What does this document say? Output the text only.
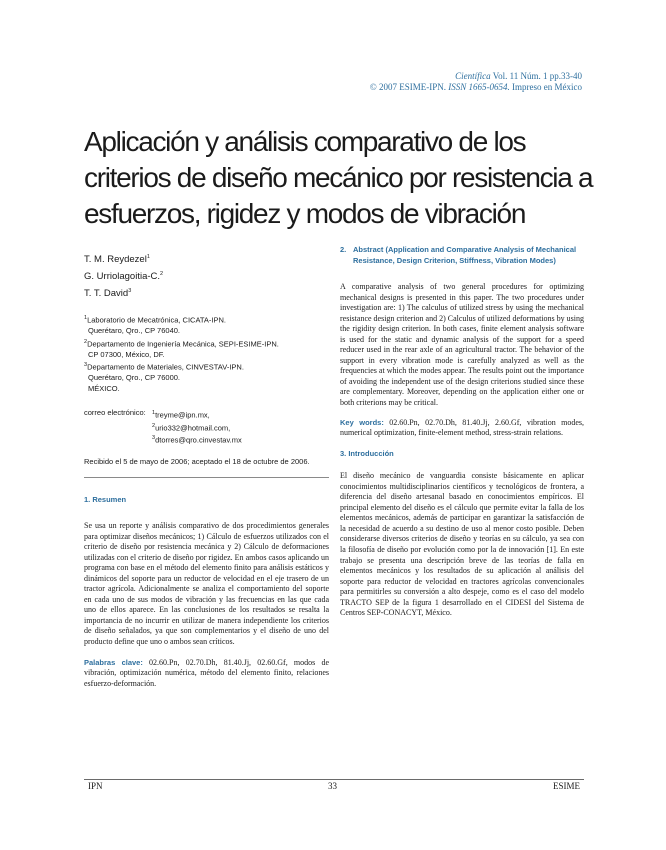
Científica Vol. 11 Núm. 1 pp.33-40
© 2007 ESIME-IPN. ISSN 1665-0654. Impreso en México
Aplicación y análisis comparativo de los criterios de diseño mecánico por resistencia a esfuerzos, rigidez y modos de vibración
T. M. Reydezel$^1$
G. Urriolagoitia-C.$^2$
T. T. David$^3$
$^1$Laboratorio de Mecatrónica, CICATA-IPN.
Querétaro, Qro., CP 76040.
$^2$Departamento de Ingeniería Mecánica, SEPI-ESIME-IPN.
CP 07300, México, DF.
$^3$Departamento de Materiales, CINVESTAV-IPN.
Querétaro, Qro., CP 76000.
MÉXICO.
correo electrónico:	$^1$treyme@ipn.mx,
$^2$urio332@hotmail.com,
$^3$dtorres@qro.cinvestav.mx
Recibido el 5 de mayo de 2006; aceptado el 18 de octubre de 2006.
1. Resumen

Se usa un reporte y análisis comparativo de dos procedimientos generales para optimizar diseños mecánicos; 1) Cálculo de esfuerzos utilizados con el criterio de diseño por resistencia mecánica y 2) Cálculo de deformaciones utilizadas con el criterio de diseño por rigidez. En ambos casos aplicando un programa con base en el método del elemento finito para análisis estáticos y dinámicos del soporte para un reductor de velocidad en el eje trasero de un tractor agrícola. Adicionalmente se analiza el comportamiento del soporte en cada uno de sus modos de vibración y las frecuencias en las que cada uno de ellos aparece. En las conclusiones de los resultados se resalta la importancia de no incurrir en utilizar de manera independiente los criterios de diseño señalados, ya que son complementarios y el diseño de uno del producto define que uno o ambos sean críticos.

Palabras clave: 02.60.Pn, 02.70.Dh, 81.40.Jj, 02.60.Gf, modos de vibración, optimización numérica, método del elemento finito, relaciones esfuerzo-deformación.

2. Abstract (Application and Comparative Analysis of Mechanical Resistance, Design Criterion, Stiffness, Vibration Modes)

A comparative analysis of two general procedures for optimizing mechanical designs is presented in this paper. The two procedures under investigation are: 1) The calculus of utilized stress by using the mechanical resistance design criterion and 2) Calculus of utilized deformations by using the rigidity design criterion. In both cases, finite element analysis software is used for the static and dynamic analysis of the support for a speed reducer used in the rear axle of an agricultural tractor. The behavior of the support in every vibration mode is carefully analyzed as well as the frequencies at which the modes appear. The results point out the importance of avoiding the independent use of the design criterions studied since these are complementary. Moreover, depending on the application either one or both criterions may be critical.

Key words: 02.60.Pn, 02.70.Dh, 81.40.Jj, 2.60.Gf, vibration modes, numerical optimization, finite-element method, stress-strain relations.

3. Introducción

El diseño mecánico de vanguardia consiste básicamente en aplicar conocimientos multidisciplinarios científicos y tecnológicos de frontera, a diferencia del diseño artesanal basado en conocimientos empíricos. El principal elemento del diseño es el cálculo que permite evitar la falla de los elementos mecánicos, además de participar en garantizar la satisfacción de la necesidad de acuerdo a su destino de uso al menor costo posible. Deben considerarse diversos criterios de diseño y teorías en su cálculo, ya sea con la filosofía de diseño por evolución como por la de innovación [1]. En este trabajo se presenta una descripción breve de las teorías de falla en elementos mecánicos y los resultados de su aplicación al análisis del soporte para reductor de velocidad en tractores agrícolas convencionales para permitirles su conversión a alto despeje, como es el caso del modelo TRACTO SEP de la figura 1 desarrollado en el CIDESI del Sistema de Centros SEP-CONACYT, México.

IPN	33	ESIME
